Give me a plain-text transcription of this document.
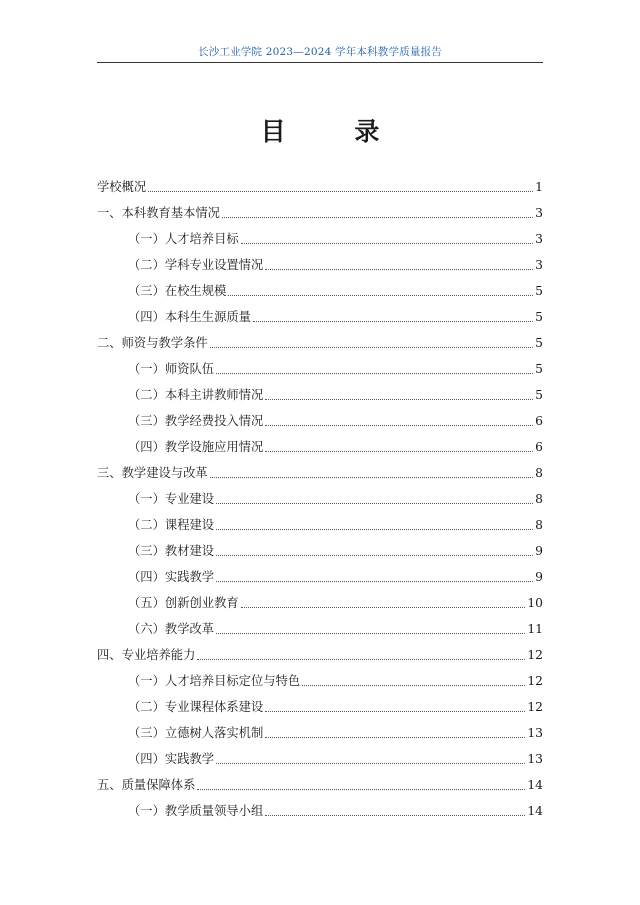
长沙工业学院 2023—2024 学年本科教学质量报告
目 录
学校概况	1
一、本科教育基本情况	3
（一）人才培养目标	3
（二）学科专业设置情况	3
（三）在校生规模	5
（四）本科生生源质量	5
二、师资与教学条件	5
（一）师资队伍	5
（二）本科主讲教师情况	5
（三）教学经费投入情况	6
（四）教学设施应用情况	6
三、教学建设与改革	8
（一）专业建设	8
（二）课程建设	8
（三）教材建设	9
（四）实践教学	9
（五）创新创业教育	10
（六）教学改革	11
四、专业培养能力	12
（一）人才培养目标定位与特色	12
（二）专业课程体系建设	12
（三）立德树人落实机制	13
（四）实践教学	13
五、质量保障体系	14
（一）教学质量领导小组	14
